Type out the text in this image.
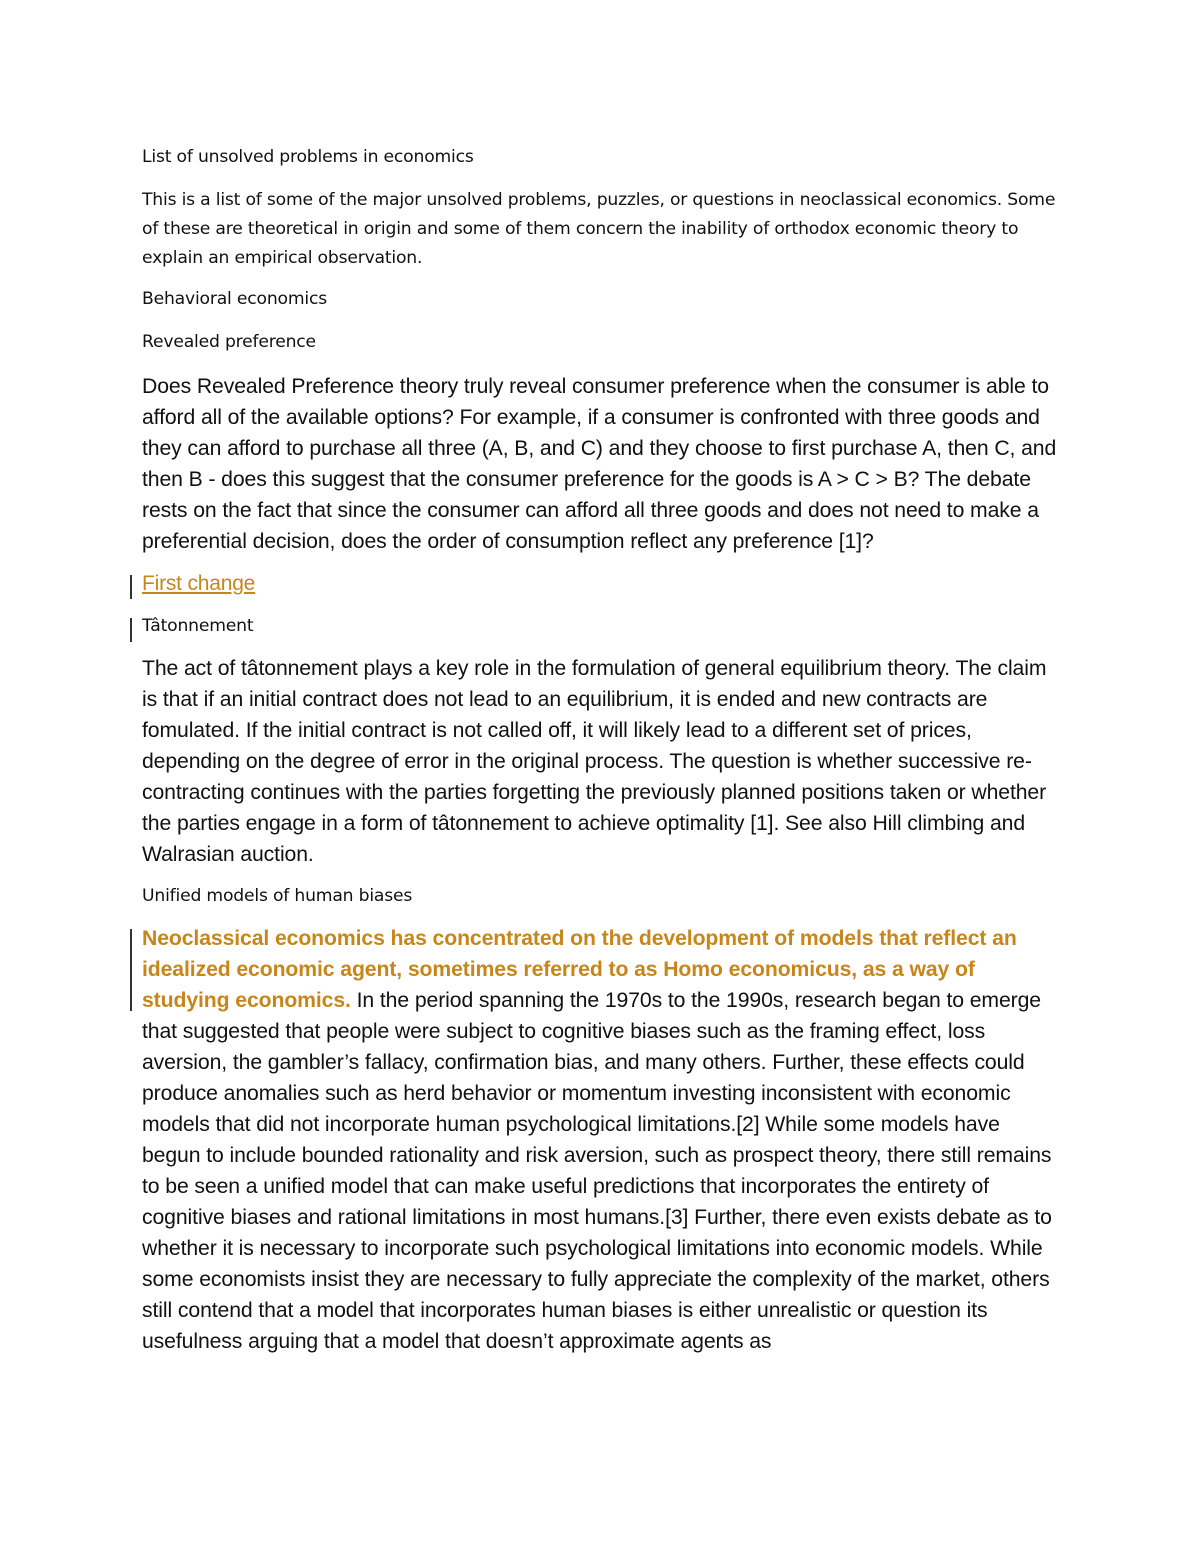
List of unsolved problems in economics

This is a list of some of the major unsolved problems, puzzles, or questions in neoclassical economics. Some of these are theoretical in origin and some of them concern the inability of orthodox economic theory to explain an empirical observation.

Behavioral economics

Revealed preference

Does Revealed Preference theory truly reveal consumer preference when the consumer is able to afford all of the available options? For example, if a consumer is confronted with three goods and they can afford to purchase all three (A, B, and C) and they choose to first purchase A, then C, and then B - does this suggest that the consumer preference for the goods is A > C > B? The debate rests on the fact that since the consumer can afford all three goods and does not need to make a preferential decision, does the order of consumption reflect any preference [1]?

First change

Tâtonnement

The act of tâtonnement plays a key role in the formulation of general equilibrium theory. The claim is that if an initial contract does not lead to an equilibrium, it is ended and new contracts are fomulated. If the initial contract is not called off, it will likely lead to a different set of prices, depending on the degree of error in the original process. The question is whether successive re-contracting continues with the parties forgetting the previously planned positions taken or whether the parties engage in a form of tâtonnement to achieve optimality [1]. See also Hill climbing and Walrasian auction.

Unified models of human biases

Neoclassical economics has concentrated on the development of models that reflect an idealized economic agent, sometimes referred to as Homo economicus, as a way of studying economics. In the period spanning the 1970s to the 1990s, research began to emerge that suggested that people were subject to cognitive biases such as the framing effect, loss aversion, the gambler’s fallacy, confirmation bias, and many others. Further, these effects could produce anomalies such as herd behavior or momentum investing inconsistent with economic models that did not incorporate human psychological limitations.[2] While some models have begun to include bounded rationality and risk aversion, such as prospect theory, there still remains to be seen a unified model that can make useful predictions that incorporates the entirety of cognitive biases and rational limitations in most humans.[3] Further, there even exists debate as to whether it is necessary to incorporate such psychological limitations into economic models. While some economists insist they are necessary to fully appreciate the complexity of the market, others still contend that a model that incorporates human biases is either unrealistic or question its usefulness arguing that a model that doesn’t approximate agents as
